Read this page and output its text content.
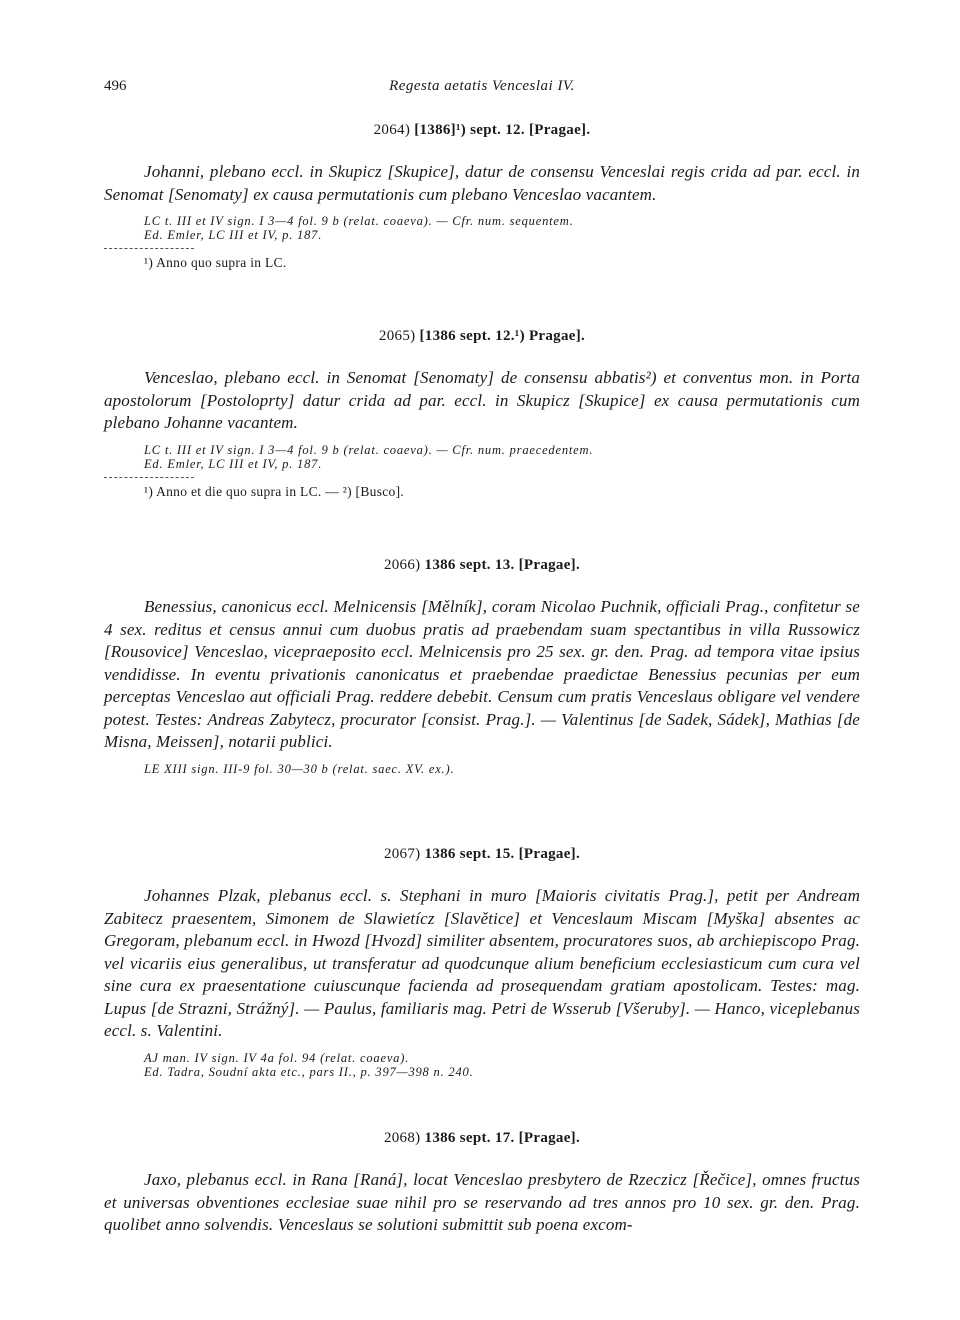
496	Regesta aetatis Venceslai IV.

2064) [1386]¹) sept. 12. [Pragae].

Johanni, plebano eccl. in Skupicz [Skupice], datur de consensu Venceslai regis crida ad par. eccl. in Senomat [Senomaty] ex causa permutationis cum plebano Venceslao vacantem.

LC t. III et IV sign. I 3—4 fol. 9 b (relat. coaeva). — Cfr. num. sequentem.

Ed. Emler, LC III et IV, p. 187.

¹) Anno quo supra in LC.

2065) [1386 sept. 12.¹) Pragae].

Venceslao, plebano eccl. in Senomat [Senomaty] de consensu abbatis²) et conventus mon. in Porta apostolorum [Postoloprty] datur crida ad par. eccl. in Skupicz [Skupice] ex causa permutationis cum plebano Johanne vacantem.

LC t. III et IV sign. I 3—4 fol. 9 b (relat. coaeva). — Cfr. num. praecedentem.

Ed. Emler, LC III et IV, p. 187.

¹) Anno et die quo supra in LC. — ²) [Busco].

2066) 1386 sept. 13. [Pragae].

Benessius, canonicus eccl. Melnicensis [Mělník], coram Nicolao Puchnik, officiali Prag., confitetur se 4 sex. reditus et census annui cum duobus pratis ad praebendam suam spectantibus in villa Russowicz [Rousovice] Venceslao, vicepraeposito eccl. Melnicensis pro 25 sex. gr. den. Prag. ad tempora vitae ipsius vendidisse. In eventu privationis canonicatus et praebendae praedictae Benessius pecunias per eum perceptas Venceslao aut officiali Prag. reddere debebit. Censum cum pratis Venceslaus obligare vel vendere potest. Testes: Andreas Zabytecz, procurator [consist. Prag.]. — Valentinus [de Sadek, Sádek], Mathias [de Misna, Meissen], notarii publici.

LE XIII sign. III-9 fol. 30—30 b (relat. saec. XV. ex.).

2067) 1386 sept. 15. [Pragae].

Johannes Plzak, plebanus eccl. s. Stephani in muro [Maioris civitatis Prag.], petit per Andream Zabitecz praesentem, Simonem de Slawietícz [Slavětice] et Venceslaum Miscam [Myška] absentes ac Gregoram, plebanum eccl. in Hwozd [Hvozd] similiter absentem, procuratores suos, ab archiepiscopo Prag. vel vicariis eius generalibus, ut transferatur ad quodcunque alium beneficium ecclesiasticum cum cura vel sine cura ex praesentatione cuiuscunque facienda ad prosequendam gratiam apostolicam. Testes: mag. Lupus [de Strazni, Strážný]. — Paulus, familiaris mag. Petri de Wsserub [Všeruby]. — Hanco, viceplebanus eccl. s. Valentini.

AJ man. IV sign. IV 4a fol. 94 (relat. coaeva).

Ed. Tadra, Soudní akta etc., pars II., p. 397—398 n. 240.

2068) 1386 sept. 17. [Pragae].

Jaxo, plebanus eccl. in Rana [Raná], locat Venceslao presbytero de Rzeczicz [Řečice], omnes fructus et universas obventiones ecclesiae suae nihil pro se reservando ad tres annos pro 10 sex. gr. den. Prag. quolibet anno solvendis. Venceslaus se solutioni submittit sub poena excom-
